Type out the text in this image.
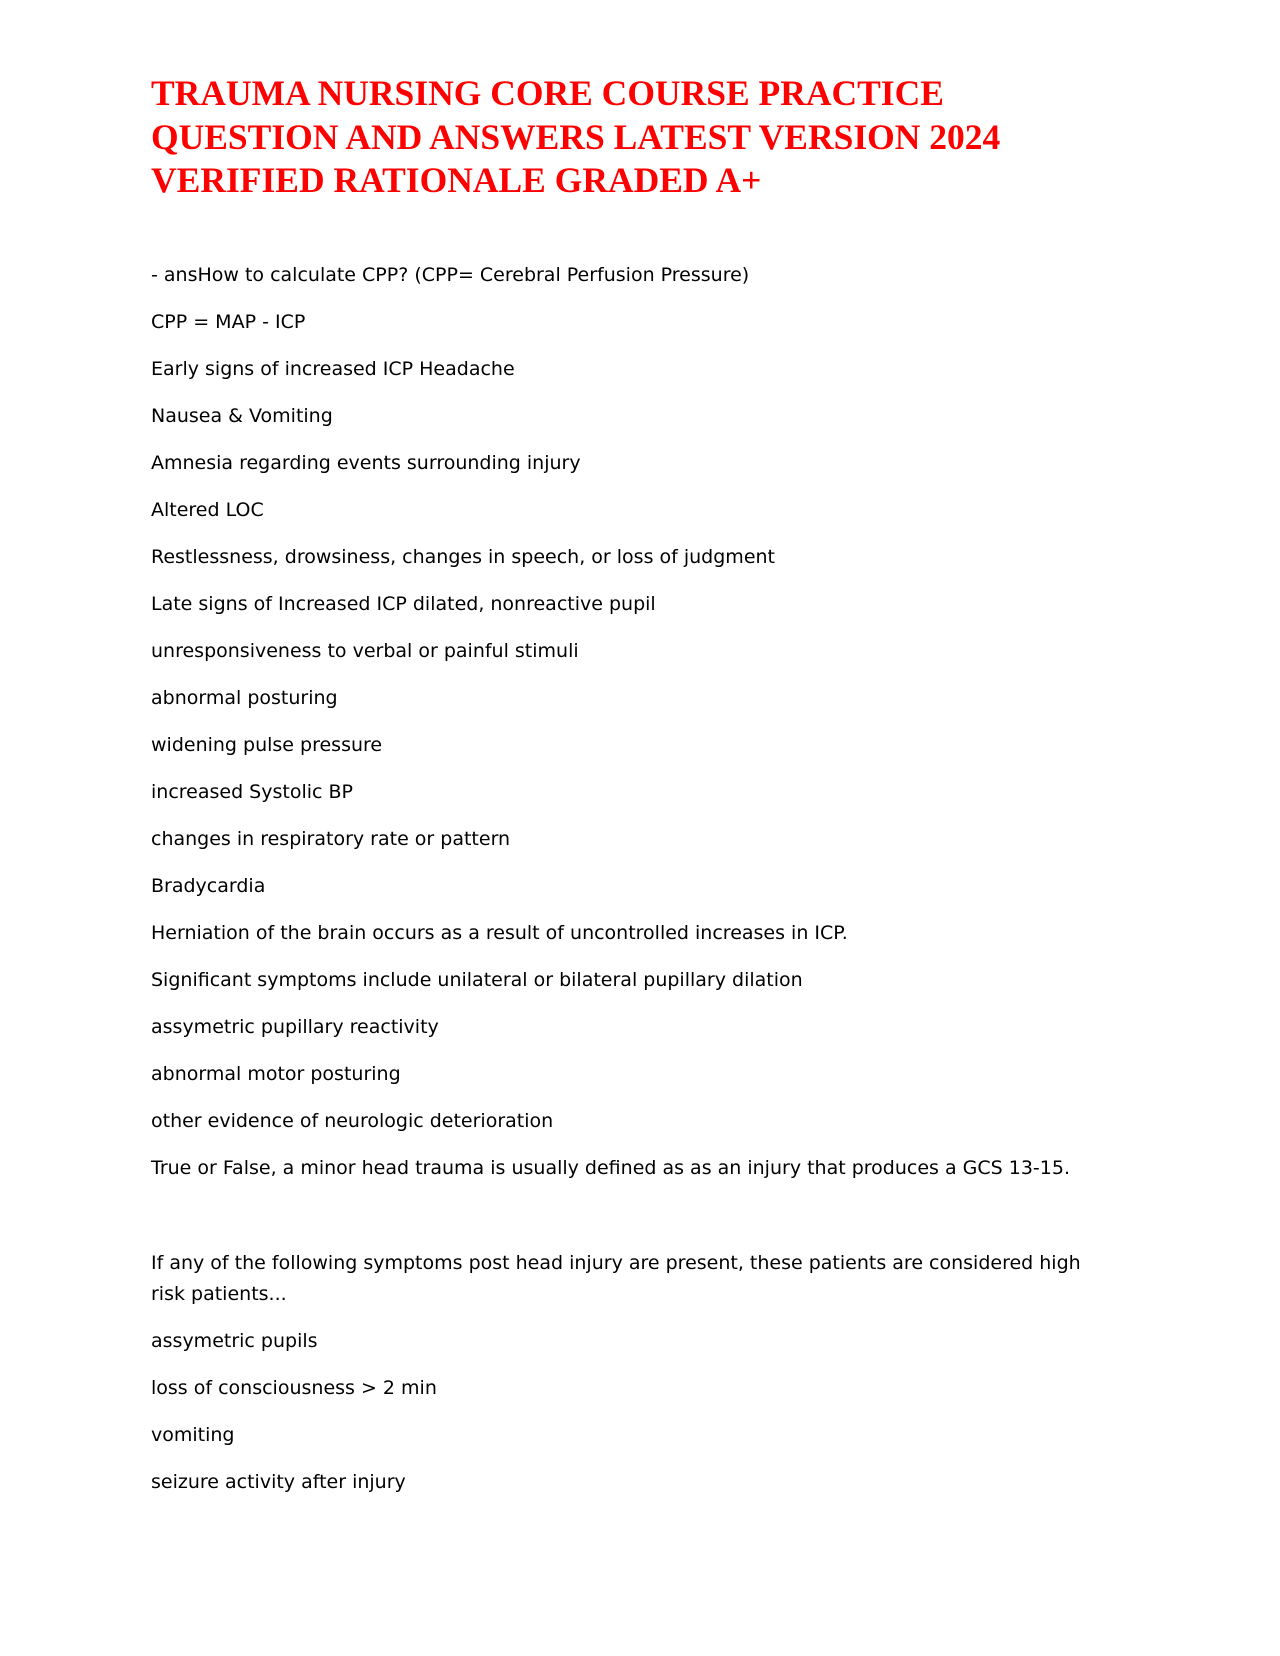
TRAUMA NURSING CORE COURSE PRACTICE QUESTION AND ANSWERS LATEST VERSION 2024 VERIFIED RATIONALE GRADED A+

- ansHow to calculate CPP? (CPP= Cerebral Perfusion Pressure)

CPP = MAP - ICP

Early signs of increased ICP Headache

Nausea & Vomiting

Amnesia regarding events surrounding injury

Altered LOC

Restlessness, drowsiness, changes in speech, or loss of judgment

Late signs of Increased ICP dilated, nonreactive pupil

unresponsiveness to verbal or painful stimuli

abnormal posturing

widening pulse pressure

increased Systolic BP

changes in respiratory rate or pattern

Bradycardia

Herniation of the brain occurs as a result of uncontrolled increases in ICP.

Significant symptoms include unilateral or bilateral pupillary dilation

assymetric pupillary reactivity

abnormal motor posturing

other evidence of neurologic deterioration

True or False, a minor head trauma is usually defined as as an injury that produces a GCS 13-15.

If any of the following symptoms post head injury are present, these patients are considered high risk patients...

assymetric pupils

loss of consciousness > 2 min

vomiting

seizure activity after injury
